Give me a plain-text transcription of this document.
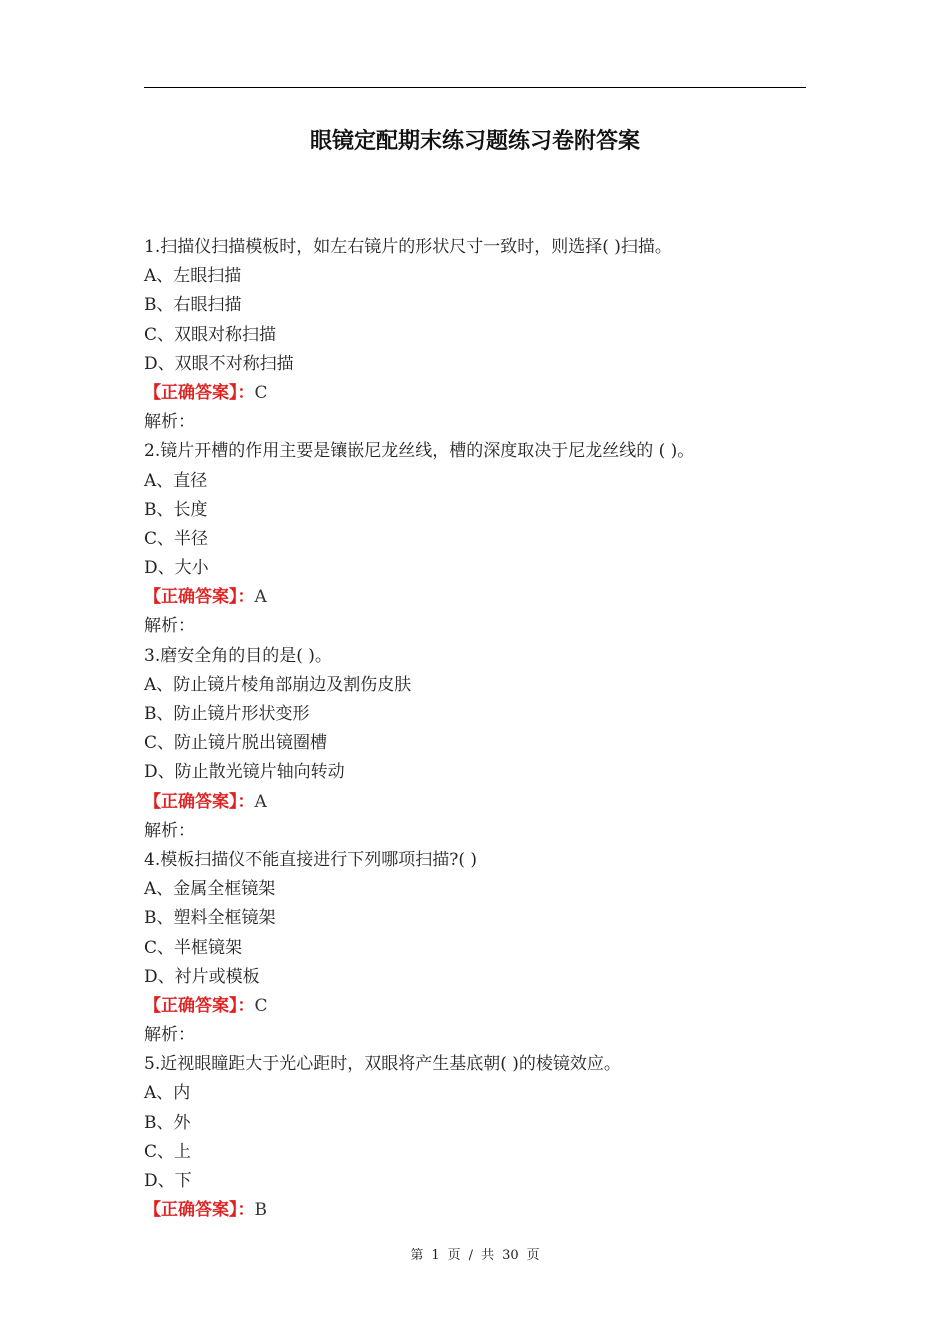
眼镜定配期末练习题练习卷附答案
1.扫描仪扫描模板时，如左右镜片的形状尺寸一致时，则选择( )扫描。
A、左眼扫描
B、右眼扫描
C、双眼对称扫描
D、双眼不对称扫描
【正确答案】：C
解析：
2.镜片开槽的作用主要是镶嵌尼龙丝线，槽的深度取决于尼龙丝线的 ( )。
A、直径
B、长度
C、半径
D、大小
【正确答案】：A
解析：
3.磨安全角的目的是( )。
A、防止镜片棱角部崩边及割伤皮肤
B、防止镜片形状变形
C、防止镜片脱出镜圈槽
D、防止散光镜片轴向转动
【正确答案】：A
解析：
4.模板扫描仪不能直接进行下列哪项扫描?( )
A、金属全框镜架
B、塑料全框镜架
C、半框镜架
D、衬片或模板
【正确答案】：C
解析：
5.近视眼瞳距大于光心距时，双眼将产生基底朝( )的棱镜效应。
A、内
B、外
C、上
D、下
【正确答案】：B
第 1 页 / 共 30 页
